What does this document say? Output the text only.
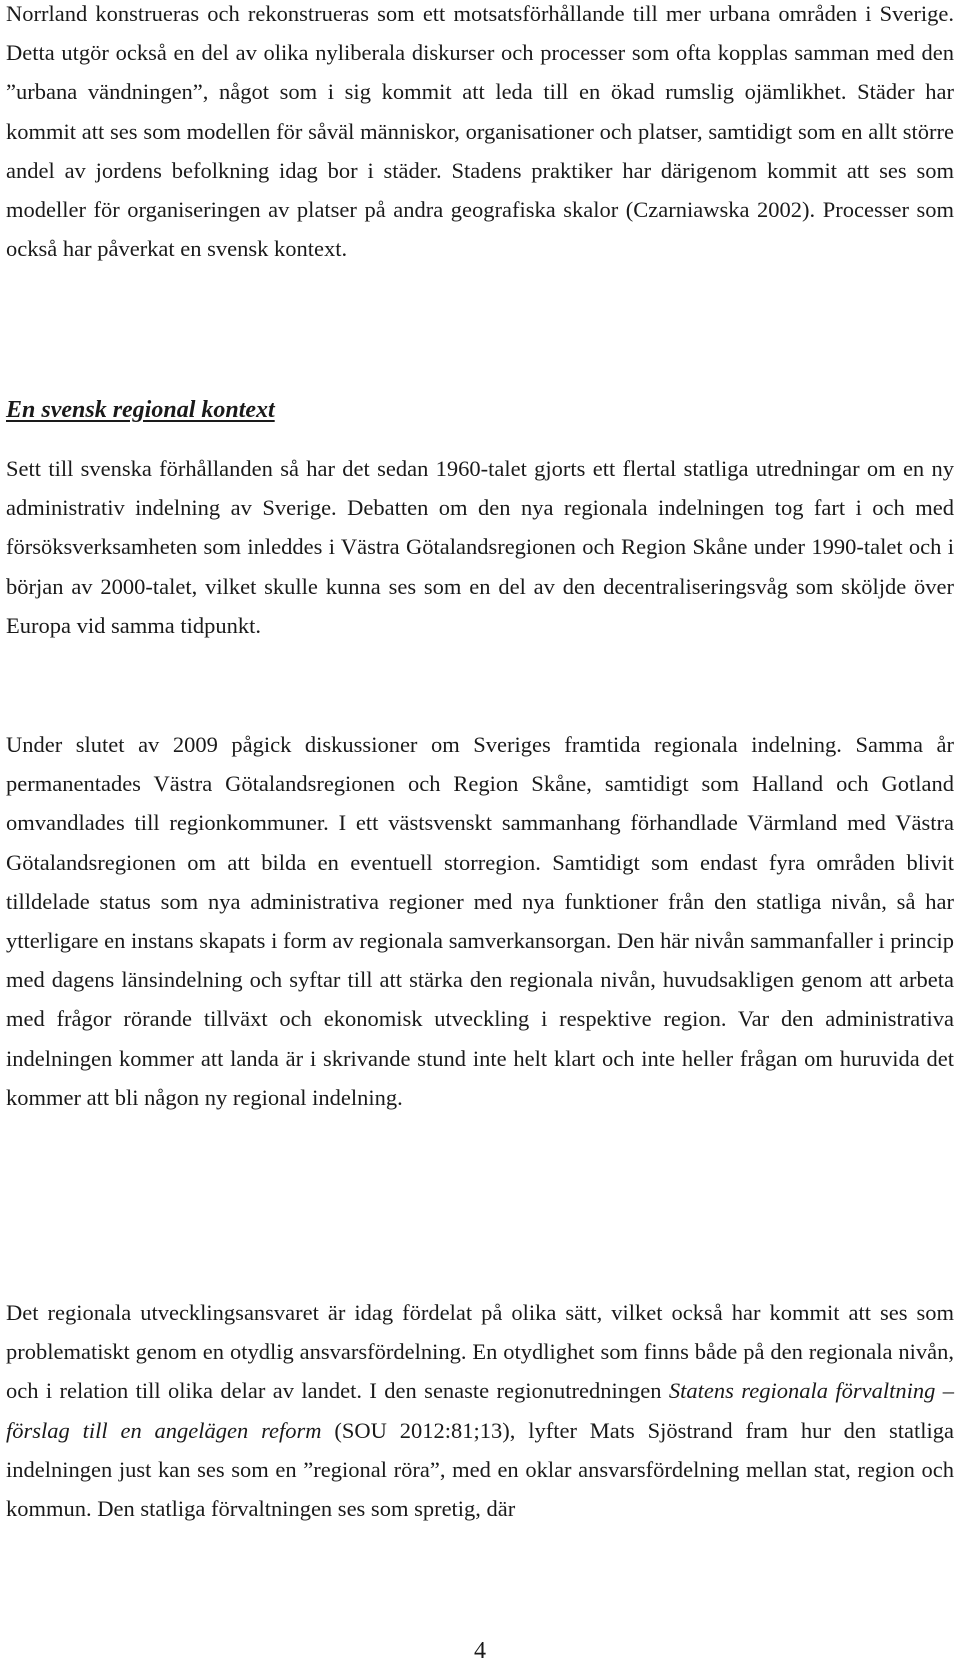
Norrland konstrueras och rekonstrueras som ett motsatsförhållande till mer urbana områden i Sverige. Detta utgör också en del av olika nyliberala diskurser och processer som ofta kopplas samman med den ”urbana vändningen”, något som i sig kommit att leda till en ökad rumslig ojämlikhet. Städer har kommit att ses som modellen för såväl människor, organisationer och platser, samtidigt som en allt större andel av jordens befolkning idag bor i städer. Stadens praktiker har därigenom kommit att ses som modeller för organiseringen av platser på andra geografiska skalor (Czarniawska 2002). Processer som också har påverkat en svensk kontext.

En svensk regional kontext

Sett till svenska förhållanden så har det sedan 1960-talet gjorts ett flertal statliga utredningar om en ny administrativ indelning av Sverige. Debatten om den nya regionala indelningen tog fart i och med försöksverksamheten som inleddes i Västra Götalandsregionen och Region Skåne under 1990-talet och i början av 2000-talet, vilket skulle kunna ses som en del av den decentraliseringsvåg som sköljde över Europa vid samma tidpunkt.

Under slutet av 2009 pågick diskussioner om Sveriges framtida regionala indelning. Samma år permanentades Västra Götalandsregionen och Region Skåne, samtidigt som Halland och Gotland omvandlades till regionkommuner. I ett västsvenskt sammanhang förhandlade Värmland med Västra Götalandsregionen om att bilda en eventuell storregion. Samtidigt som endast fyra områden blivit tilldelade status som nya administrativa regioner med nya funktioner från den statliga nivån, så har ytterligare en instans skapats i form av regionala samverkansorgan. Den här nivån sammanfaller i princip med dagens länsindelning och syftar till att stärka den regionala nivån, huvudsakligen genom att arbeta med frågor rörande tillväxt och ekonomisk utveckling i respektive region. Var den administrativa indelningen kommer att landa är i skrivande stund inte helt klart och inte heller frågan om huruvida det kommer att bli någon ny regional indelning.

Det regionala utvecklingsansvaret är idag fördelat på olika sätt, vilket också har kommit att ses som problematiskt genom en otydlig ansvarsfördelning. En otydlighet som finns både på den regionala nivån, och i relation till olika delar av landet. I den senaste regionutredningen Statens regionala förvaltning – förslag till en angelägen reform (SOU 2012:81;13), lyfter Mats Sjöstrand fram hur den statliga indelningen just kan ses som en ”regional röra”, med en oklar ansvarsfördelning mellan stat, region och kommun. Den statliga förvaltningen ses som spretig, där

4
